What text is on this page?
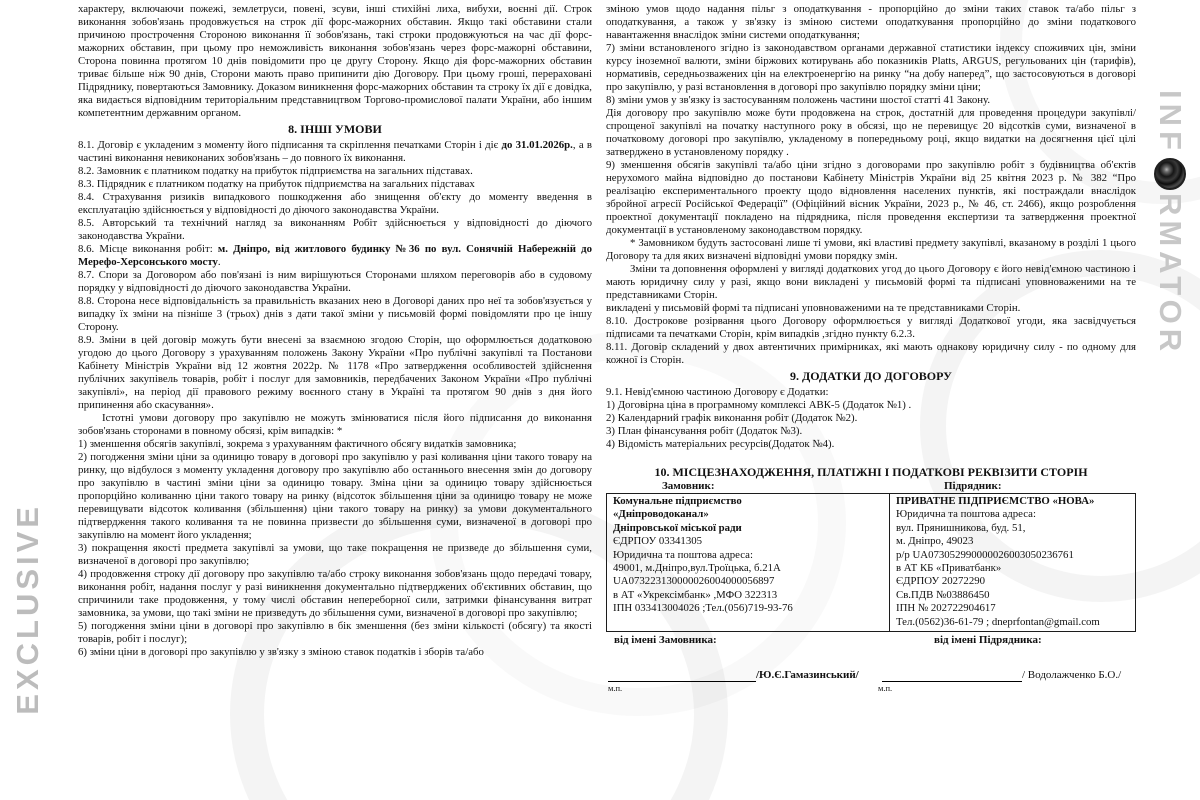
EXCLUSIVE
INFRMATOR
характеру, включаючи пожежі, землетруси, повені, зсуви, інші стихійні лиха, вибухи, воєнні дії. Строк виконання зобов'язань продовжується на строк дії форс-мажорних обставин. Якщо такі обставини стали причиною прострочення Стороною виконання її зобов'язань, такі строки продовжуються на час дії форс-мажорних обставин, при цьому про неможливість виконання зобов'язань через форс-мажорні обставини, Сторона повинна протягом 10 днів повідомити про це другу Сторону. Якщо дія форс-мажорних обставин триває більше ніж 90 днів, Сторони мають право припинити дію Договору. При цьому гроші, перераховані Підряднику, повертаються Замовнику. Доказом виникнення форс-мажорних обставин та строку їх дії є довідка, яка видається відповідним територіальним представництвом Торгово-промислової палати України, або іншим компетентним державним органом.
8. ІНШІ УМОВИ
8.1. Договір є укладеним з моменту його підписання та скріплення печатками Сторін і діє до 31.01.2026р., а в частині виконання невиконаних зобов'язань – до повного їх виконання.
8.2. Замовник є платником податку на прибуток підприємства на загальних підставах.
8.3. Підрядник є платником податку на прибуток підприємства на загальних підставах
8.4. Страхування ризиків випадкового пошкодження або знищення об'єкту до моменту введення в експлуатацію здійснюється у відповідності до діючого законодавства України.
8.5. Авторський та технічний нагляд за виконанням Робіт здійснюється у відповідності до діючого законодавства України.
8.6. Місце виконання робіт: м. Дніпро, від житлового будинку №36 по вул. Сонячній Набережній до Мерефо-Херсонського мосту.
8.7. Спори за Договором або пов'язані із ним вирішуються Сторонами шляхом переговорів або в судовому порядку у відповідності до діючого законодавства України.
8.8. Сторона несе відповідальність за правильність вказаних нею в Договорі даних про неї та зобов'язується у випадку їх зміни на пізніше 3 (трьох) днів з дати такої зміни у письмовій формі повідомляти про це іншу Сторону.
8.9. Зміни в цей договір можуть бути внесені за взаємною згодою Сторін, що оформлюється додатковою угодою до цього Договору з урахуванням положень Закону України «Про публічні закупівлі та Постанови Кабінету Міністрів України від 12 жовтня 2022р. № 1178 «Про затвердження особливостей здійснення публічних закупівель товарів, робіт і послуг для замовників, передбачених Законом України «Про публічні закупівлі», на період дії правового режиму воєнного стану в Україні та протягом 90 днів з дня його припинення або скасування».
Істотні умови договору про закупівлю не можуть змінюватися після його підписання до виконання зобов'язань сторонами в повному обсязі, крім випадків: *
1) зменшення обсягів закупівлі, зокрема з урахуванням фактичного обсягу видатків замовника;
2) погодження зміни ціни за одиницю товару в договорі про закупівлю у разі коливання ціни такого товару на ринку, що відбулося з моменту укладення договору про закупівлю або останнього внесення змін до договору про закупівлю в частині зміни ціни за одиницю товару. Зміна ціни за одиницю товару здійснюється пропорційно коливанню ціни такого товару на ринку (відсоток збільшення ціни за одиницю товару не може перевищувати відсоток коливання (збільшення) ціни такого товару на ринку) за умови документального підтвердження такого коливання та не повинна призвести до збільшення суми, визначеної в договорі про закупівлю на момент його укладення;
3) покращення якості предмета закупівлі за умови, що таке покращення не призведе до збільшення суми, визначеної в договорі про закупівлю;
4) продовження строку дії договору про закупівлю та/або строку виконання зобов'язань щодо передачі товару, виконання робіт, надання послуг у разі виникнення документально підтверджених об'єктивних обставин, що спричинили таке продовження, у тому числі обставин непереборної сили, затримки фінансування витрат замовника, за умови, що такі зміни не призведуть до збільшення суми, визначеної в договорі про закупівлю;
5) погодження зміни ціни в договорі про закупівлю в бік зменшення (без зміни кількості (обсягу) та якості товарів, робіт і послуг);
6) зміни ціни в договорі про закупівлю у зв'язку з зміною ставок податків і зборів та/або
зміною умов щодо надання пільг з оподаткування - пропорційно до зміни таких ставок та/або пільг з оподаткування, а також у зв'язку із зміною системи оподаткування пропорційно до зміни податкового навантаження внаслідок зміни системи оподаткування;
7) зміни встановленого згідно із законодавством органами державної статистики індексу споживчих цін, зміни курсу іноземної валюти, зміни біржових котирувань або показників Platts, ARGUS, регульованих цін (тарифів), нормативів, середньозважених цін на електроенергію на ринку “на добу наперед”, що застосовуються в договорі про закупівлю, у разі встановлення в договорі про закупівлю порядку зміни ціни;
8) зміни умов у зв'язку із застосуванням положень частини шостої статті 41 Закону.
Дія договору про закупівлю може бути продовжена на строк, достатній для проведення процедури закупівлі/спрощеної закупівлі на початку наступного року в обсязі, що не перевищує 20 відсотків суми, визначеної в початковому договорі про закупівлю, укладеному в попередньому році, якщо видатки на досягнення цієї цілі затверджено в установленому порядку .
9) зменшення обсягів закупівлі та/або ціни згідно з договорами про закупівлю робіт з будівництва об'єктів нерухомого майна відповідно до постанови Кабінету Міністрів України від 25 квітня 2023 р. № 382 “Про реалізацію експериментального проекту щодо відновлення населених пунктів, які постраждали внаслідок збройної агресії Російської Федерації” (Офіційний вісник України, 2023 р., № 46, ст. 2466), якщо розроблення проектної документації покладено на підрядника, після проведення експертизи та затвердження проектної документації в установленому законодавством порядку.
* Замовником будуть застосовані лише ті умови, які властиві предмету закупівлі, вказаному в розділі 1 цього Договору та для яких визначені відповідні умови порядку змін.
Зміни та доповнення оформлені у вигляді додаткових угод до цього Договору є його невід'ємною частиною і мають юридичну силу у разі, якщо вони викладені у письмовій формі та підписані уповноваженими на те представниками Сторін.
викладені у письмовій формі та підписані уповноваженими на те представниками Сторін.
8.10. Дострокове розірвання цього Договору оформлюється у вигляді Додаткової угоди, яка засвідчується підписами та печатками Сторін, крім випадків ,згідно пункту 6.2.3.
8.11. Договір складений у двох автентичних примірниках, які мають однакову юридичну силу - по одному для кожної із Сторін.
9. ДОДАТКИ ДО ДОГОВОРУ
9.1. Невід'ємною частиною Договору є Додатки:
1) Договірна ціна в програмному комплексі АВК-5 (Додаток №1) .
2) Календарний графік виконання робіт (Додаток №2).
3) План фінансування робіт (Додаток №3).
4) Відомість матеріальних ресурсів(Додаток №4).
10. МІСЦЕЗНАХОДЖЕННЯ, ПЛАТІЖНІ І ПОДАТКОВІ РЕКВІЗИТИ СТОРІН
Замовник:	Підрядник:
Комунальне підприємство
«Дніпроводоканал»
Дніпровської міської ради
ЄДРПОУ 03341305
Юридична та поштова адреса:
49001, м.Дніпро,вул.Троїцька, б.21А
UA073223130000026004000056897
в АТ «Укрексімбанк» ,МФО 322313
ІПН 033413004026 ;Тел.(056)719-93-76

ПРИВАТНЕ ПІДПРИЄМСТВО «НОВА»
Юридична та поштова адреса:
вул. Прянишникова, буд. 51,
м. Дніпро, 49023
р/р UA073052990000026003050236761
в АТ КБ «Приватбанк»
ЄДРПОУ 20272290
Св.ПДВ №03886450
ІПН № 202722904617
Тел.(0562)36-61-79 ; dneprfontan@gmail.com
від імені Замовника:	від імені Підрядника:
/Ю.Є.Гамазинський/	/ Водолажченко Б.О./
м.п.	м.п.
